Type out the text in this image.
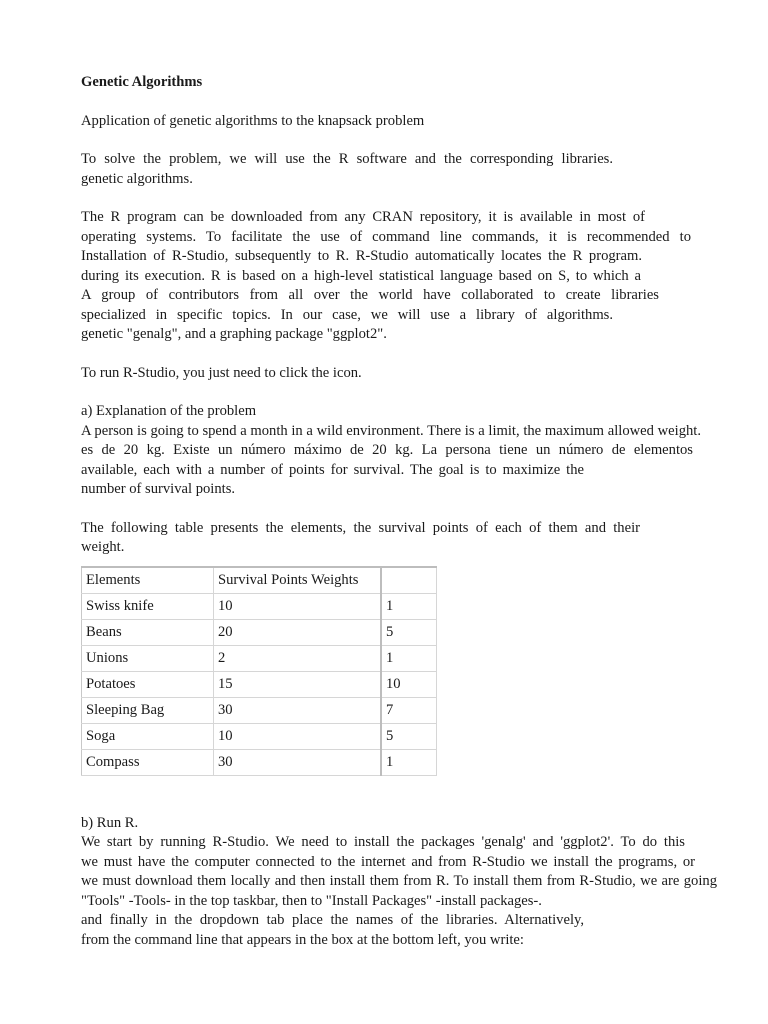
Genetic Algorithms
Application of genetic algorithms to the knapsack problem
To solve the problem, we will use the R software and the corresponding libraries.
genetic algorithms.
The R program can be downloaded from any CRAN repository, it is available in most of
operating systems. To facilitate the use of command line commands, it is recommended to
Installation of R-Studio, subsequently to R. R-Studio automatically locates the R program.
during its execution. R is based on a high-level statistical language based on S, to which a
A group of contributors from all over the world have collaborated to create libraries
specialized in specific topics. In our case, we will use a library of algorithms.
genetic "genalg", and a graphing package "ggplot2".
To run R-Studio, you just need to click the icon.
a) Explanation of the problem
A person is going to spend a month in a wild environment. There is a limit, the maximum allowed weight.
es de 20 kg. Existe un número máximo de 20 kg. La persona tiene un número de elementos
available, each with a number of points for survival. The goal is to maximize the
number of survival points.
The following table presents the elements, the survival points of each of them and their
weight.
Elements	Survival Points Weights	
Swiss knife	10	1
Beans	20	5
Unions	2	1
Potatoes	15	10
Sleeping Bag	30	7
Soga	10	5
Compass	30	1
b) Run R.
We start by running R-Studio. We need to install the packages 'genalg' and 'ggplot2'. To do this
we must have the computer connected to the internet and from R-Studio we install the programs, or
we must download them locally and then install them from R. To install them from R-Studio, we are going
"Tools" -Tools- in the top taskbar, then to "Install Packages" -install packages-.
and finally in the dropdown tab place the names of the libraries. Alternatively,
from the command line that appears in the box at the bottom left, you write:
